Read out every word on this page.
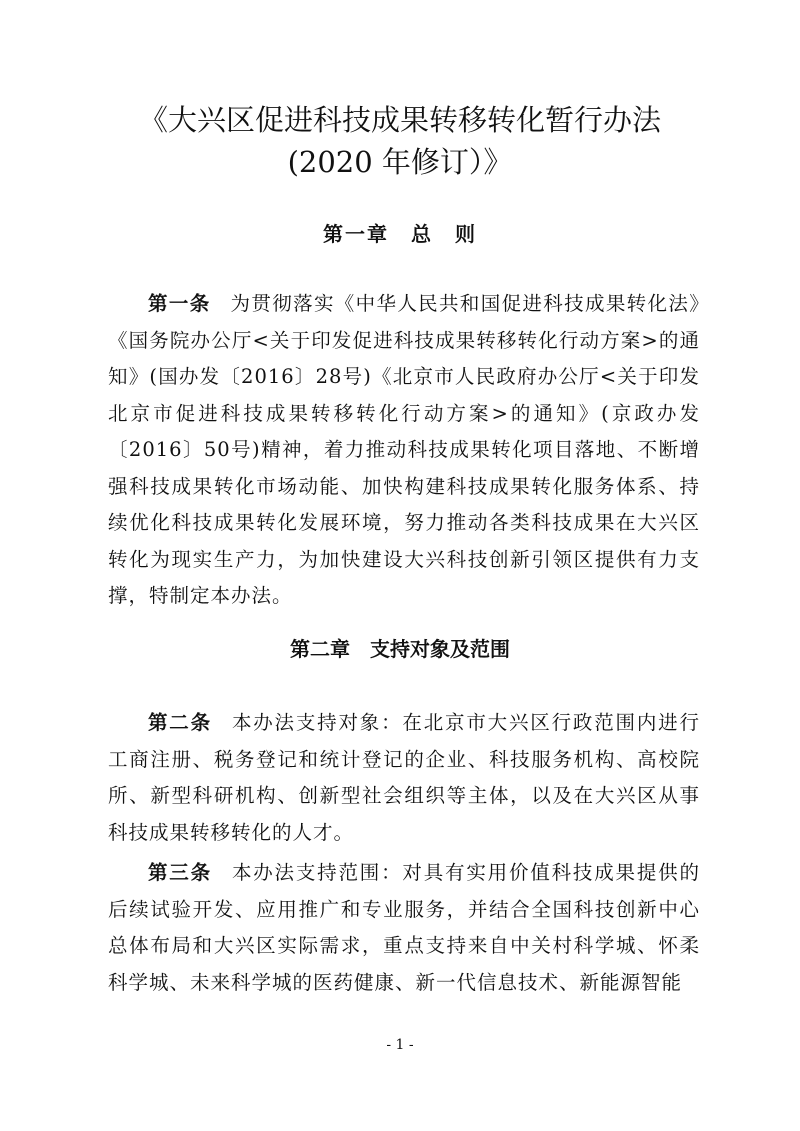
《大兴区促进科技成果转移转化暂行办法
(2020 年修订）》
第一章　总　则

第一条 为贯彻落实《中华人民共和国促进科技成果转化法》《国务院办公厅<关于印发促进科技成果转移转化行动方案>的通知》(国办发〔2016〕28号)《北京市人民政府办公厅<关于印发北京市促进科技成果转移转化行动方案>的通知》(京政办发〔2016〕50号)精神，着力推动科技成果转化项目落地、不断增强科技成果转化市场动能、加快构建科技成果转化服务体系、持续优化科技成果转化发展环境，努力推动各类科技成果在大兴区转化为现实生产力，为加快建设大兴科技创新引领区提供有力支撑，特制定本办法。

第二章　支持对象及范围

第二条 本办法支持对象：在北京市大兴区行政范围内进行工商注册、税务登记和统计登记的企业、科技服务机构、高校院所、新型科研机构、创新型社会组织等主体，以及在大兴区从事科技成果转移转化的人才。

第三条 本办法支持范围：对具有实用价值科技成果提供的后续试验开发、应用推广和专业服务，并结合全国科技创新中心总体布局和大兴区实际需求，重点支持来自中关村科学城、怀柔科学城、未来科学城的医药健康、新一代信息技术、新能源智能

- 1 -
